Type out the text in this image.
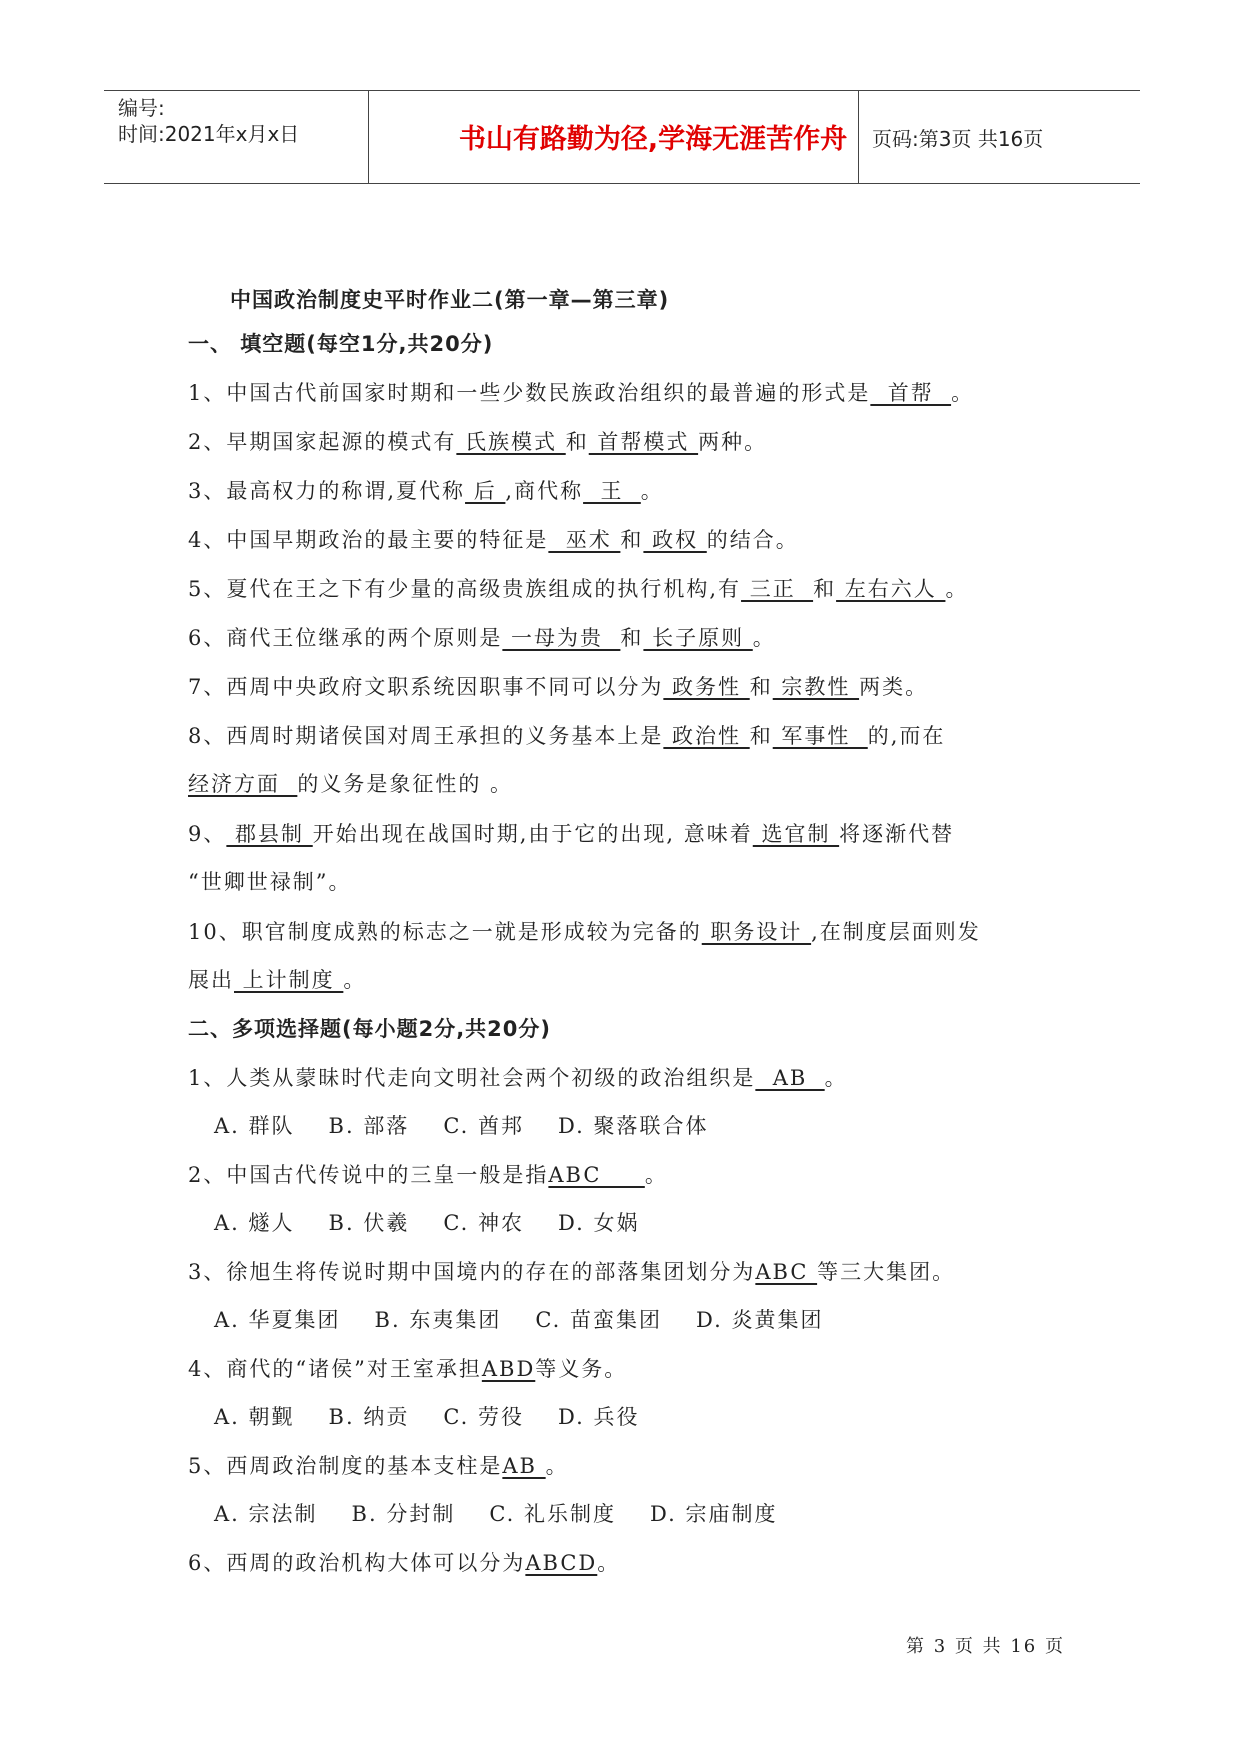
编号:
时间:2021年x月x日	书山有路勤为径,学海无涯苦作舟	页码:第3页 共16页
中国政治制度史平时作业二(第一章—第三章)
一、 填空题(每空1分,共20分)
1、中国古代前国家时期和一些少数民族政治组织的最普遍的形式是  首帮  。
2、早期国家起源的模式有 氏族模式 和 首帮模式 两种。
3、最高权力的称谓,夏代称 后 ,商代称  王  。
4、中国早期政治的最主要的特征是  巫术 和 政权 的结合。
5、夏代在王之下有少量的高级贵族组成的执行机构,有 三正  和 左右六人 。
6、商代王位继承的两个原则是 一母为贵  和 长子原则 。
7、西周中央政府文职系统因职事不同可以分为 政务性 和 宗教性 两类。
8、西周时期诸侯国对周王承担的义务基本上是 政治性 和 军事性  的,而在
经济方面  的义务是象征性的 。
9、 郡县制 开始出现在战国时期,由于它的出现, 意味着 选官制 将逐渐代替
“世卿世禄制”。
10、职官制度成熟的标志之一就是形成较为完备的 职务设计 ,在制度层面则发
展出 上计制度 。
二、多项选择题(每小题2分,共20分)
1、人类从蒙昧时代走向文明社会两个初级的政治组织是  AB  。
A. 群队 B. 部落 C. 酋邦 D. 聚落联合体
2、中国古代传说中的三皇一般是指ABC     。
A. 燧人 B. 伏羲 C. 神农 D. 女娲
3、徐旭生将传说时期中国境内的存在的部落集团划分为ABC 等三大集团。
A. 华夏集团 B. 东夷集团 C. 苗蛮集团 D. 炎黄集团
4、商代的“诸侯”对王室承担ABD等义务。
A. 朝觐 B. 纳贡 C. 劳役 D. 兵役
5、西周政治制度的基本支柱是AB 。
A. 宗法制 B. 分封制 C. 礼乐制度 D. 宗庙制度
6、西周的政治机构大体可以分为ABCD。
第 3 页 共 16 页
